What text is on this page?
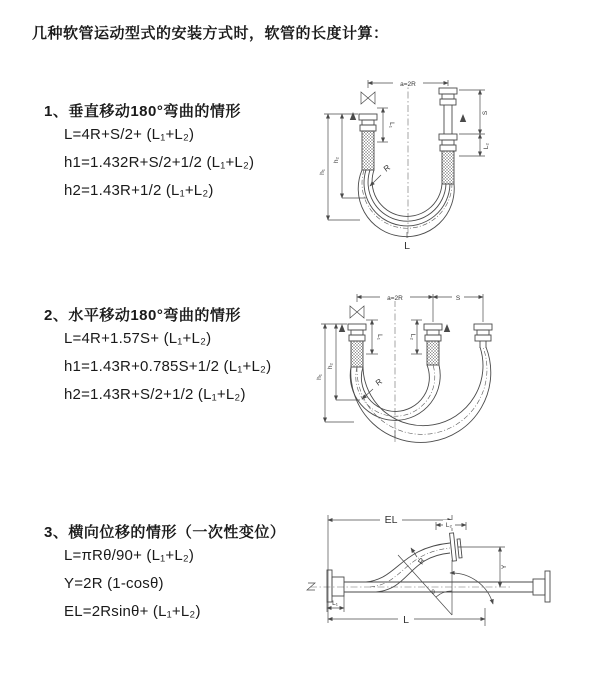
几种软管运动型式的安装方式时，软管的长度计算：

1、垂直移动180°弯曲的情形

L=4R+S/2+ (L₁+L₂)

h1=1.432R+S/2+1/2 (L₁+L₂)

h2=1.43R+1/2 (L₁+L₂)

a=2R
L₁
S
L₂
h₂
h₁	R
L

2、水平移动180°弯曲的情形

L=4R+1.57S+ (L₁+L₂)

h1=1.43R+0.785S+1/2 (L₁+L₂)

h2=1.43R+S/2+1/2 (L₁+L₂)

a=2R	S
L₁	L₂
h₂
h₁	R

3、横向位移的情形（一次性变位）

L=πRθ/90+ (L₁+L₂)

Y=2R (1-cosθ)

EL=2Rsinθ+ (L₁+L₂)

EL	L₂
Y
L₁
θ
R
L
